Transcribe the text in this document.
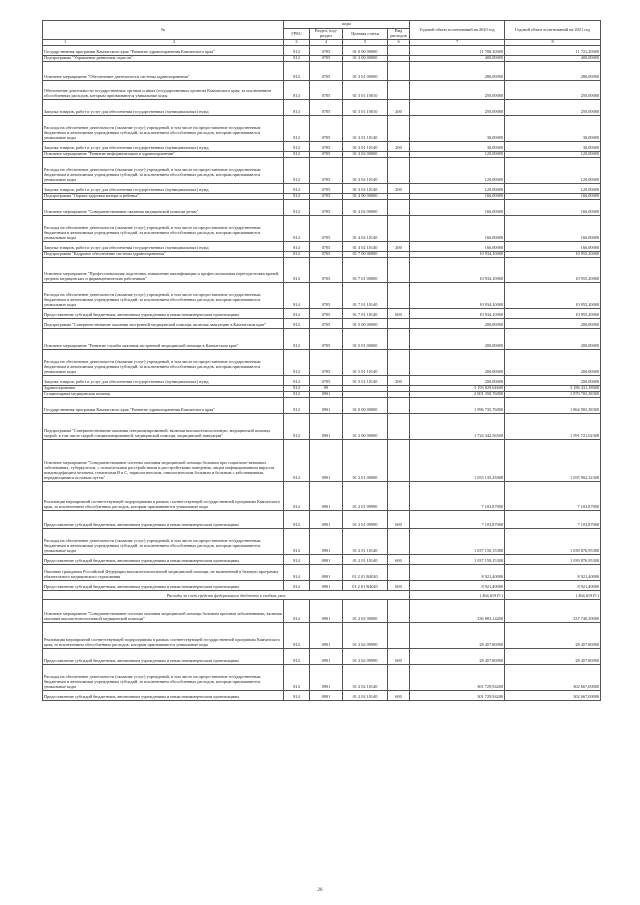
№	коды				Годовой объем ассигнований на 2020 год	Годовой объем ассигнований на 2021 год
	ГРБС	Раздел, под-раздел	Целевая статья	Вид расходов		

1 2	3	4	5	6	7	8
Государственная программа Камчатского края "Развитие здравоохранения Камчатского края"	814	0705	01 0 00 00000		11 700,10000	11 721,20000
Подпрограмма "Управление развитием отрасли"	814	0705	01 3 00 00000		400,00000	400,00000
Основное мероприятие "Обеспечение деятельности системы здравоохранения"	814	0705	01 3 01 00000		280,00000	280,00000
Обеспечение деятельности государственных органов и иных (государственных органов) Камчатского края, за исключением обособленных расходов, которым присваиваются уникальные коды	814	0705	01 3 01 10010		250,00000	250,00000
Закупка товаров, работ и услуг для обеспечения государственных (муниципальных) нужд	814	0705	01 3 01 10010	200	250,00000	250,00000
Расходы на обеспечение деятельности (оказание услуг) учреждений, в том числе на предоставление государственным бюджетным и автономным учреждениям субсидий, за исключением обособленных расходов, которым присваиваются уникальные коды	814	0705	01 3 01 10140		30,00000	30,00000
Закупка товаров, работ и услуг для обеспечения государственных (муниципальных) нужд	814	0705	01 3 01 10140	200	30,00000	30,00000
Основное мероприятие "Развитие информатизации в здравоохранении"	814	0705	01 3 02 00000		120,00000	120,00000
Расходы на обеспечение деятельности (оказание услуг) учреждений, в том числе на предоставление государственным бюджетным и автономным учреждениям субсидий, за исключением обособленных расходов, которым присваиваются уникальные коды	814	0705	01 3 02 10140		120,00000	120,00000
Закупка товаров, работ и услуг для обеспечения государственных (муниципальных) нужд	814	0705	01 3 02 10140	200	120,00000	120,00000
Подпрограмма "Охрана здоровья матери и ребенка"	814	0705	01 4 00 00000		166,00000	166,00000
Основное мероприятие "Совершенствование оказания медицинской помощи детям"	814	0705	01 4 02 00000		166,00000	166,00000
Расходы на обеспечение деятельности (оказание услуг) учреждений, в том числе на предоставление государственным бюджетным и автономным учреждениям субсидий, за исключением обособленных расходов, которым присваиваются уникальные коды	814	0705	01 4 02 10140		166,00000	166,00000
Закупка товаров, работ и услуг для обеспечения государственных (муниципальных) нужд	814	0705	01 4 02 10140	200	166,00000	166,00000
Подпрограмма "Кадровое обеспечение системы здравоохранения"	814	0705	01 7 00 00000		10 934,10000	10 955,20000
Основное мероприятие "Профессиональная подготовка, повышение квалификации и профессиональная переподготовка врачей, средних медицинских и фармацевтических работников"	814	0705	01 7 01 00000		10 934,10000	10 955,20000
Расходы на обеспечение деятельности (оказание услуг) учреждений, в том числе на предоставление государственным бюджетным и автономным учреждениям субсидий, за исключением обособленных расходов, которым присваиваются уникальные коды	814	0705	01 7 01 10140		10 934,10000	10 955,20000
Предоставление субсидий бюджетным, автономным учреждениям и иным некоммерческим организациям	814	0705	01 7 01 10140	600	10 934,10000	10 955,20000
Подпрограмма "Совершенствование оказания экстренной медицинской помощи, включая эвакуацию в Камчатском крае"	814	0705	01 5 00 00000		200,00000	200,00000
Основное мероприятие "Развитие службы оказания экстренной медицинской помощи в Камчатском крае"	814	0705	01 5 01 00000		200,00000	200,00000
Расходы на обеспечение деятельности (оказание услуг) учреждений, в том числе на предоставление государственным бюджетным и автономным учреждениям субсидий, за исключением обособленных расходов, которым присваиваются уникальные коды	814	0705	01 5 01 10140		200,00000	200,00000
Закупка товаров, работ и услуг для обеспечения государственных (муниципальных) нужд	814	0705	01 5 01 10140	200	200,00000	200,00000
Здравоохранение	814	09			3 193 829,64600	3 186 431,18000
Стационарная медицинская помощь	814	0901			2 001 358,76000	1 870 703,38300
Государственная программа Камчатского края "Развитие здравоохранения Камчатского края"	814	0901	01 0 00 00000		1 996 735,76000	1 864 903,38300
Подпрограмма "Совершенствование оказания специализированной, включая высокотехнологичную, медицинской помощи, скорой, в том числе скорой специализированной, медицинской помощи, медицинской эвакуации"	814	0901	01 2 00 00000		1 724 342,56500	1 591 721,02300
Основное мероприятие "Совершенствование системы оказания медицинской помощи больным при социально-значимых заболеваниях, туберкулезом, с психическими расстройствами и расстройствами поведения, лицам инфицированным вирусом иммунодефицита человека, гепатитами В и С, наркологическим, онкологическим больным и больным с заболеваниями, передающимися половым путем"	814	0901	01 2 01 00000		1 053 135,43000	1 055 902,32300
Реализация мероприятий соответствующей подпрограммы в рамках соответствующей государственной программы Камчатского края, за исключением обособленных расходов, которым присваиваются уникальные коды	814	0901	01 2 01 09990		7 103,87000	7 103,87000
Предоставление субсидий бюджетным, автономным учреждениям и иным некоммерческим организациям	814	0901	01 2 01 09990	600	7 103,87000	7 103,87000
Расходы на обеспечение деятельности (оказание услуг) учреждений, в том числе на предоставление государственным бюджетным и автономным учреждениям субсидий, за исключением обособленных расходов, которым присваиваются уникальные коды	814	0901	01 2 01 10140		1 037 150,15300	1 039 876,95300
Предоставление субсидий бюджетным, автономным учреждениям и иным некоммерческим организациям	814	0901	01 2 01 10140	600	1 037 150,15300	1 039 876,95300
Оказание гражданам Российской Федерации высокотехнологичной медицинской помощи, не включенной в базовую программу обязательного медицинского страхования	814	0901	01 2 01 R4020		8 921,40000	8 921,40000
Предоставление субсидий бюджетным, автономным учреждениям и иным некоммерческим организациям	814	0901	01 2 01 R4020	600	8 921,40000	8 921,40000
Расходы за счет средств федерального бюджета в скобках указ					( 464,61915 )	( 464,61915 )
Основное мероприятие "Совершенствование системы оказания медицинской помощи больным прочими заболеваниями, включая оказания высокотехнологичной медицинской помощи"	814	0901	01 2 02 00000		336 883,14200	337 740,30000
Реализация мероприятий соответствующей подпрограммы в рамках соответствующей государственной программы Камчатского края, за исключением обособленных расходов, которым присваиваются уникальные коды	814	0901	01 2 02 09990		28 457,80000	28 457,80000
Предоставление субсидий бюджетным, автономным учреждениям и иным некоммерческим организациям	814	0901	01 2 02 09990	600	28 457,80000	28 457,80000
Расходы на обеспечение деятельности (оказание услуг) учреждений, в том числе на предоставление государственным бюджетным и автономным учреждениям субсидий, за исключением обособленных расходов, которым присваиваются уникальные коды	814	0901	01 2 02 10140		301 729,94200	302 667,00000
Предоставление субсидий бюджетным, автономным учреждениям и иным некоммерческим организациям	814	0901	01 2 02 10140	600	301 729,94200	302 667,00000
26
